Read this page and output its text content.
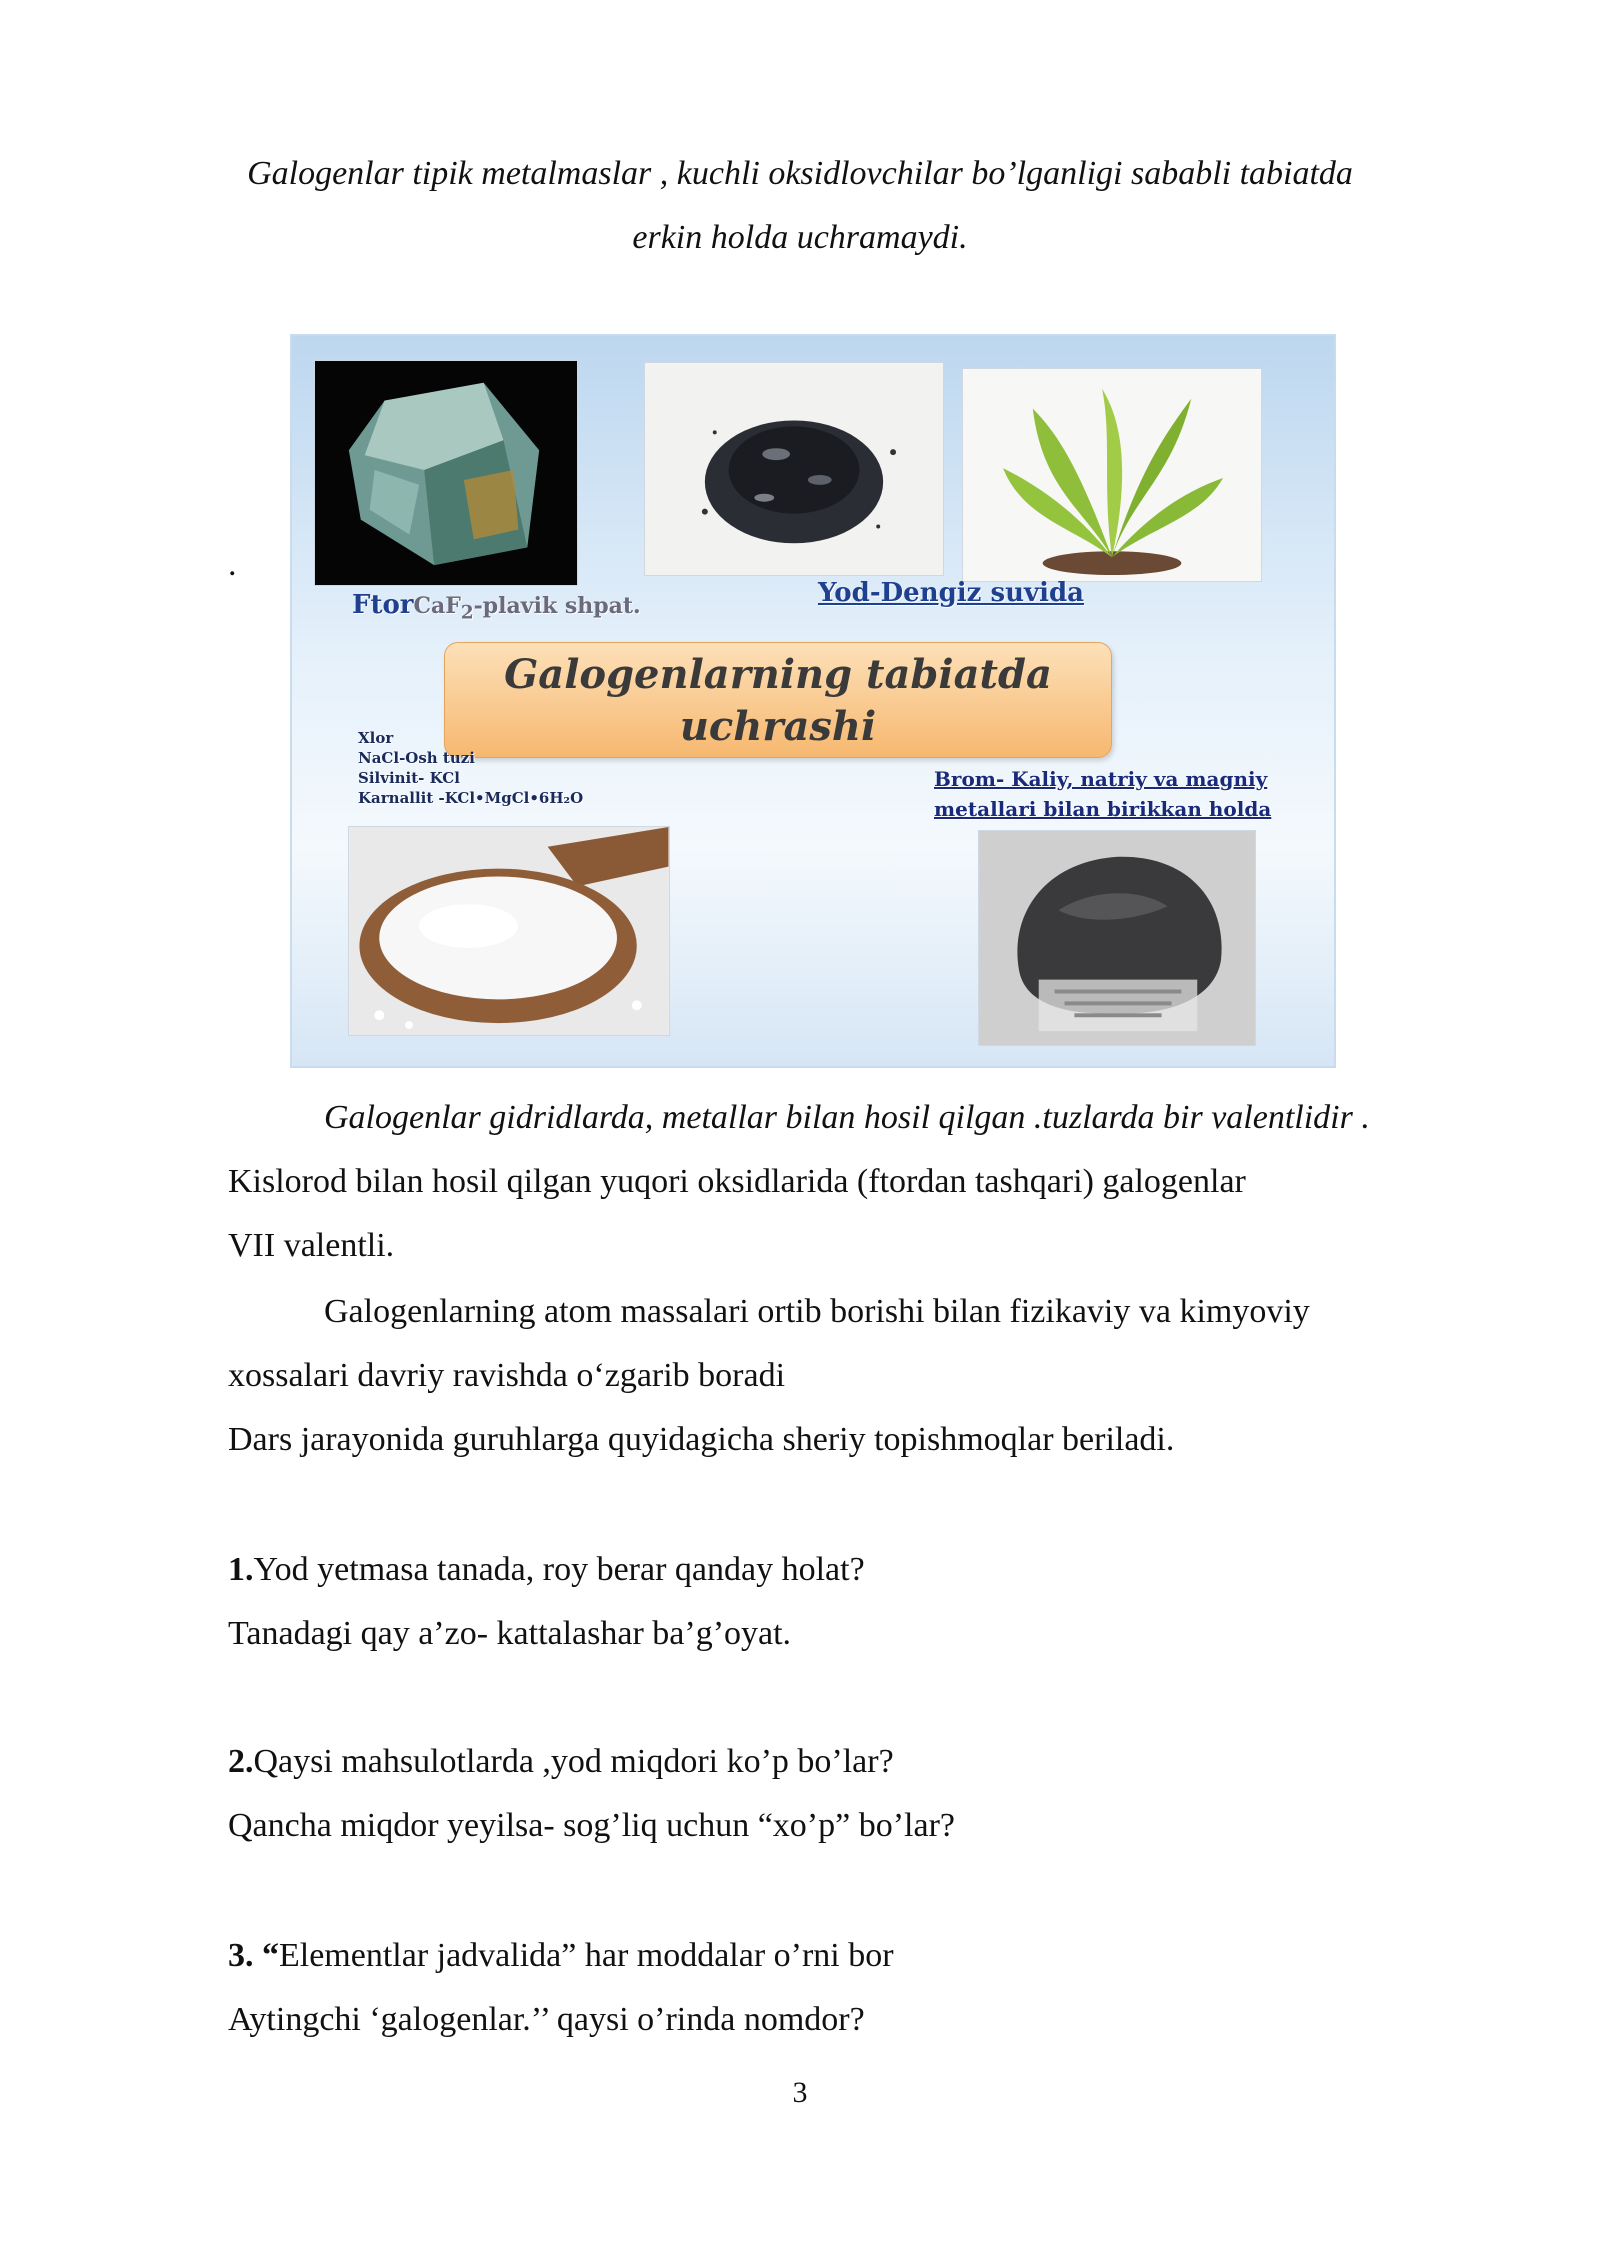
Galogenlar tipik metalmaslar , kuchli oksidlovchilar bo’lganligi sababli tabiatda
erkin holda uchramaydi.
.
FtorCaF$_2$-plavik shpat.	Yod-Dengiz suvida
Galogenlarning tabiatda
uchrashi
Xlor
NaCl-Osh tuzi
Silvinit- KCl
Karnallit -KCl•MgCl•6H₂O
Brom- Kaliy, natriy va magniy
metallari bilan birikkan holda
Galogenlar gidridlarda, metallar bilan hosil qilgan .tuzlarda bir valentlidir .
Kislorod bilan hosil qilgan yuqori oksidlarida (ftordan tashqari) galogenlar
VII valentli.
Galogenlarning atom massalari ortib borishi bilan fizikaviy va kimyoviy
xossalari davriy ravishda o‘zgarib boradi
Dars jarayonida guruhlarga quyidagicha sheriy topishmoqlar beriladi.
1.Yod yetmasa tanada, roy berar qanday holat?
Tanadagi qay a’zo- kattalashar ba’g’oyat.
2.Qaysi mahsulotlarda ,yod miqdori ko’p bo’lar?
Qancha miqdor yeyilsa- sog’liq uchun “xo’p” bo’lar?
3. “Elementlar jadvalida” har moddalar o’rni bor
Aytingchi ‘galogenlar.’’ qaysi o’rinda nomdor?
3
